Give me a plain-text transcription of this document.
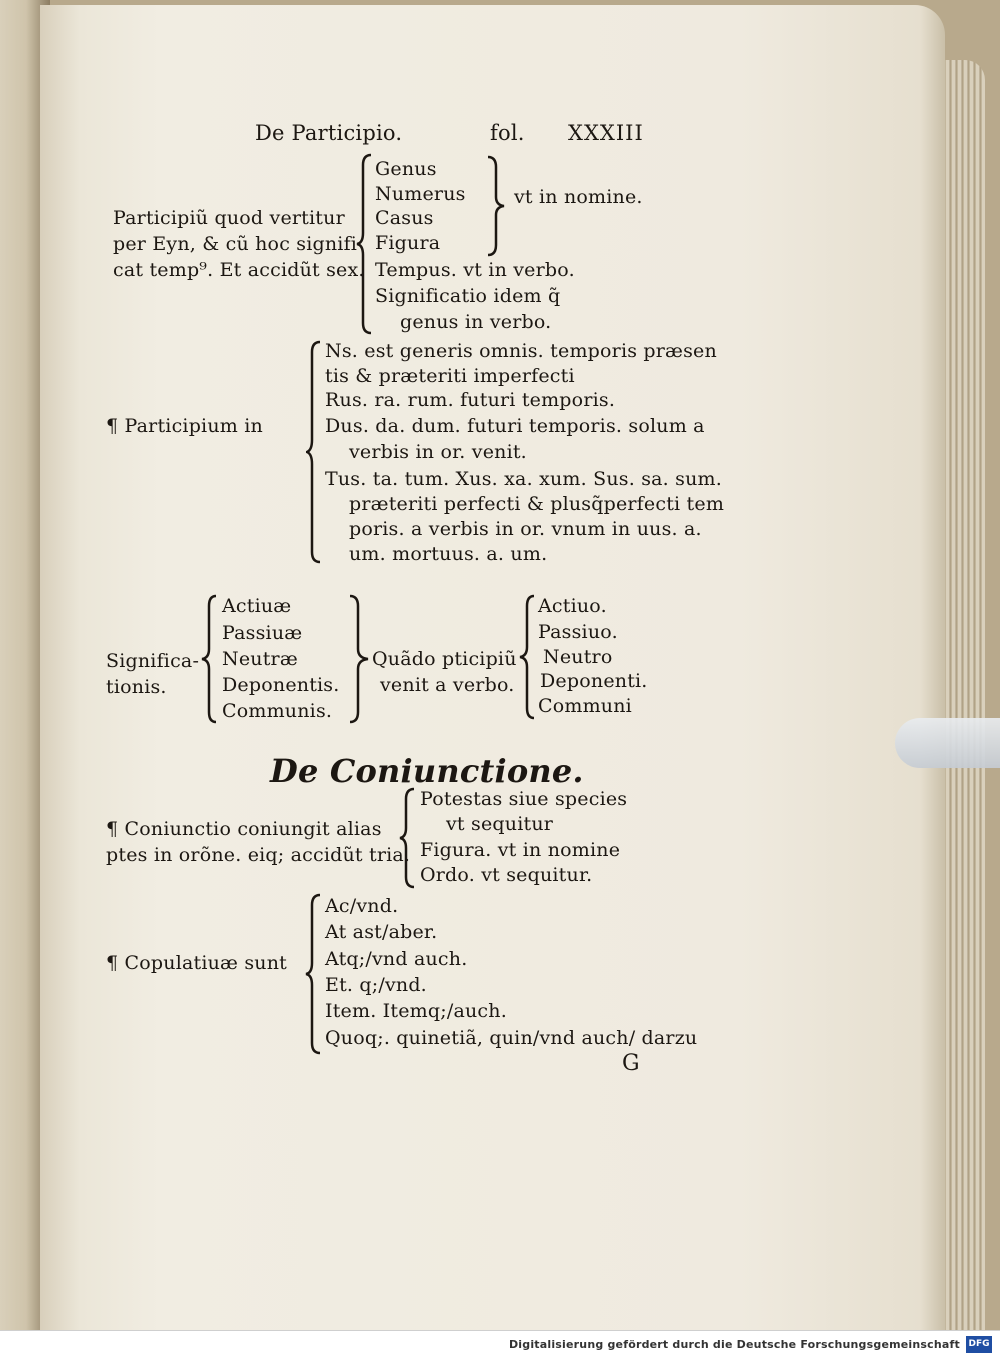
De Participio.	fol. XXXIII
Participiũ quod vertitur
per Eyn, & cũ hoc signifi
cat temp⁹. Et accidũt sex.
Genus
Numerus
Casus
Figura
Tempus. vt in verbo.
Significatio idem q̃
genus in verbo.
vt in nomine.
¶ Participium in
Ns. est generis omnis. temporis præsen
tis & præteriti imperfecti
Rus. ra. rum. futuri temporis.
Dus. da. dum. futuri temporis. solum a
verbis in or. venit.
Tus. ta. tum. Xus. xa. xum. Sus. sa. sum.
præteriti perfecti & plusq̃perfecti tem
poris. a verbis in or. vnum in uus. a.
um. mortuus. a. um.
Significa-
tionis.
Actiuæ
Passiuæ
Neutræ
Deponentis.
Communis.
Quãdo pticipiũ
venit a verbo.
Actiuo.
Passiuo.
Neutro
Deponenti.
Communi
De Coniunctione.
¶ Coniunctio coniungit alias
ptes in orõne. eiq; accidũt tria.
Potestas siue species
vt sequitur
Figura. vt in nomine
Ordo. vt sequitur.
¶ Copulatiuæ sunt
Ac/vnd.
At ast/aber.
Atq;/vnd auch.
Et. q;/vnd.
Item. Itemq;/auch.
Quoq;. quinetiã, quin/vnd auch/ darzu
G
Digitalisierung gefördert durch die Deutsche Forschungsgemeinschaft DFG
